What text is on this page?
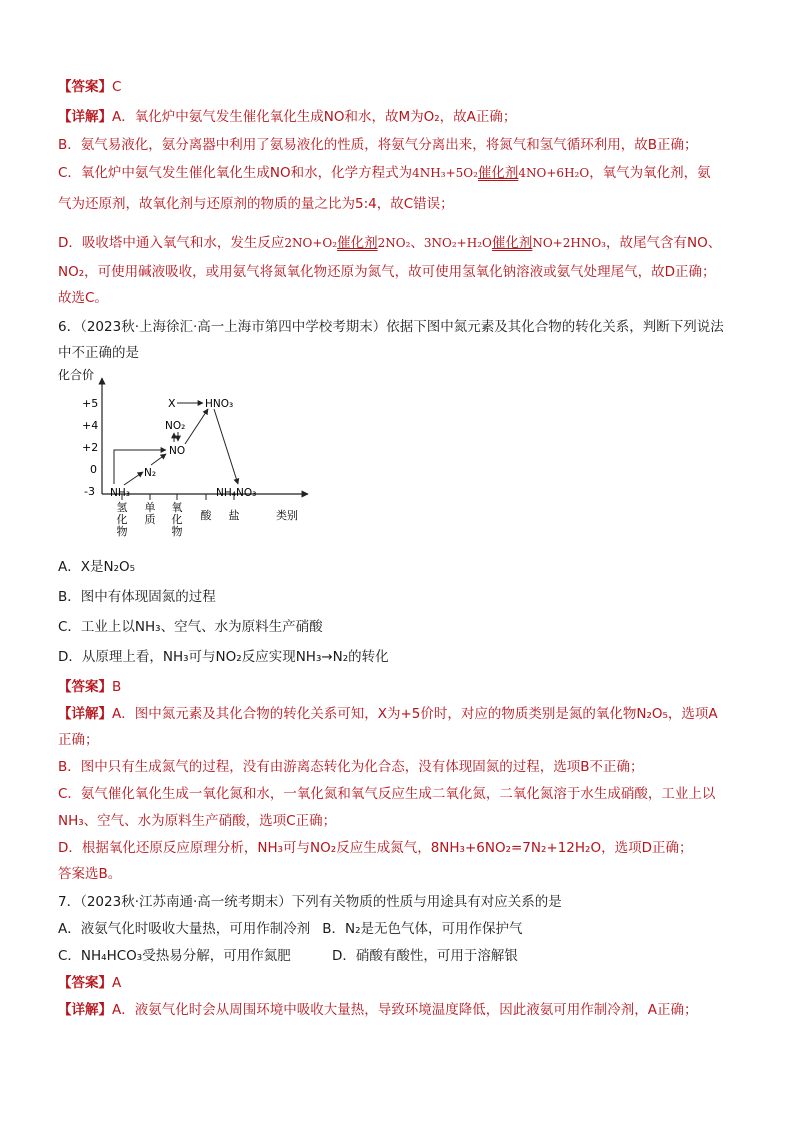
【答案】C
【详解】A．氧化炉中氨气发生催化氧化生成NO和水，故M为O₂，故A正确；
B．氨气易液化，氨分离器中利用了氨易液化的性质，将氨气分离出来，将氮气和氢气循环利用，故B正确；
C．氧化炉中氨气发生催化氧化生成NO和水，化学方程式为4NH₃+5O₂催化剂4NO+6H₂O，氧气为氧化剂，氨
气为还原剂，故氧化剂与还原剂的物质的量之比为5:4，故C错误；
D．吸收塔中通入氧气和水，发生反应2NO+O₂催化剂2NO₂、3NO₂+H₂O催化剂NO+2HNO₃，故尾气含有NO、
NO₂，可使用碱液吸收，或用氨气将氮氧化物还原为氮气，故可使用氢氧化钠溶液或氨气处理尾气，故D正确；
故选C。
6．（2023秋·上海徐汇·高一上海市第四中学校考期末）依据下图中氮元素及其化合物的转化关系，判断下列说法
中不正确的是
化合价
类别
+5
+4
+2
0
-3
氢化物
单质
氧化物
酸 盐
X	HNO₃
NO₂
NO
N₂
NH₃	NH₄NO₃
A．X是N₂O₅
B．图中有体现固氮的过程
C．工业上以NH₃、空气、水为原料生产硝酸
D．从原理上看，NH₃可与NO₂反应实现NH₃→N₂的转化
【答案】B
【详解】A．图中氮元素及其化合物的转化关系可知，X为+5价时，对应的物质类别是氮的氧化物N₂O₅，选项A
正确；
B．图中只有生成氮气的过程，没有由游离态转化为化合态，没有体现固氮的过程，选项B不正确；
C．氨气催化氧化生成一氧化氮和水，一氧化氮和氧气反应生成二氧化氮，二氧化氮溶于水生成硝酸，工业上以
NH₃、空气、水为原料生产硝酸，选项C正确；
D．根据氧化还原反应原理分析，NH₃可与NO₂反应生成氮气，8NH₃+6NO₂=7N₂+12H₂O，选项D正确；
答案选B。
7．（2023秋·江苏南通·高一统考期末）下列有关物质的性质与用途具有对应关系的是
A．液氨气化时吸收大量热，可用作制冷剂 B．N₂是无色气体，可用作保护气
C．NH₄HCO₃受热易分解，可用作氮肥	D．硝酸有酸性，可用于溶解银
【答案】A
【详解】A．液氨气化时会从周围环境中吸收大量热，导致环境温度降低，因此液氨可用作制冷剂，A正确；
